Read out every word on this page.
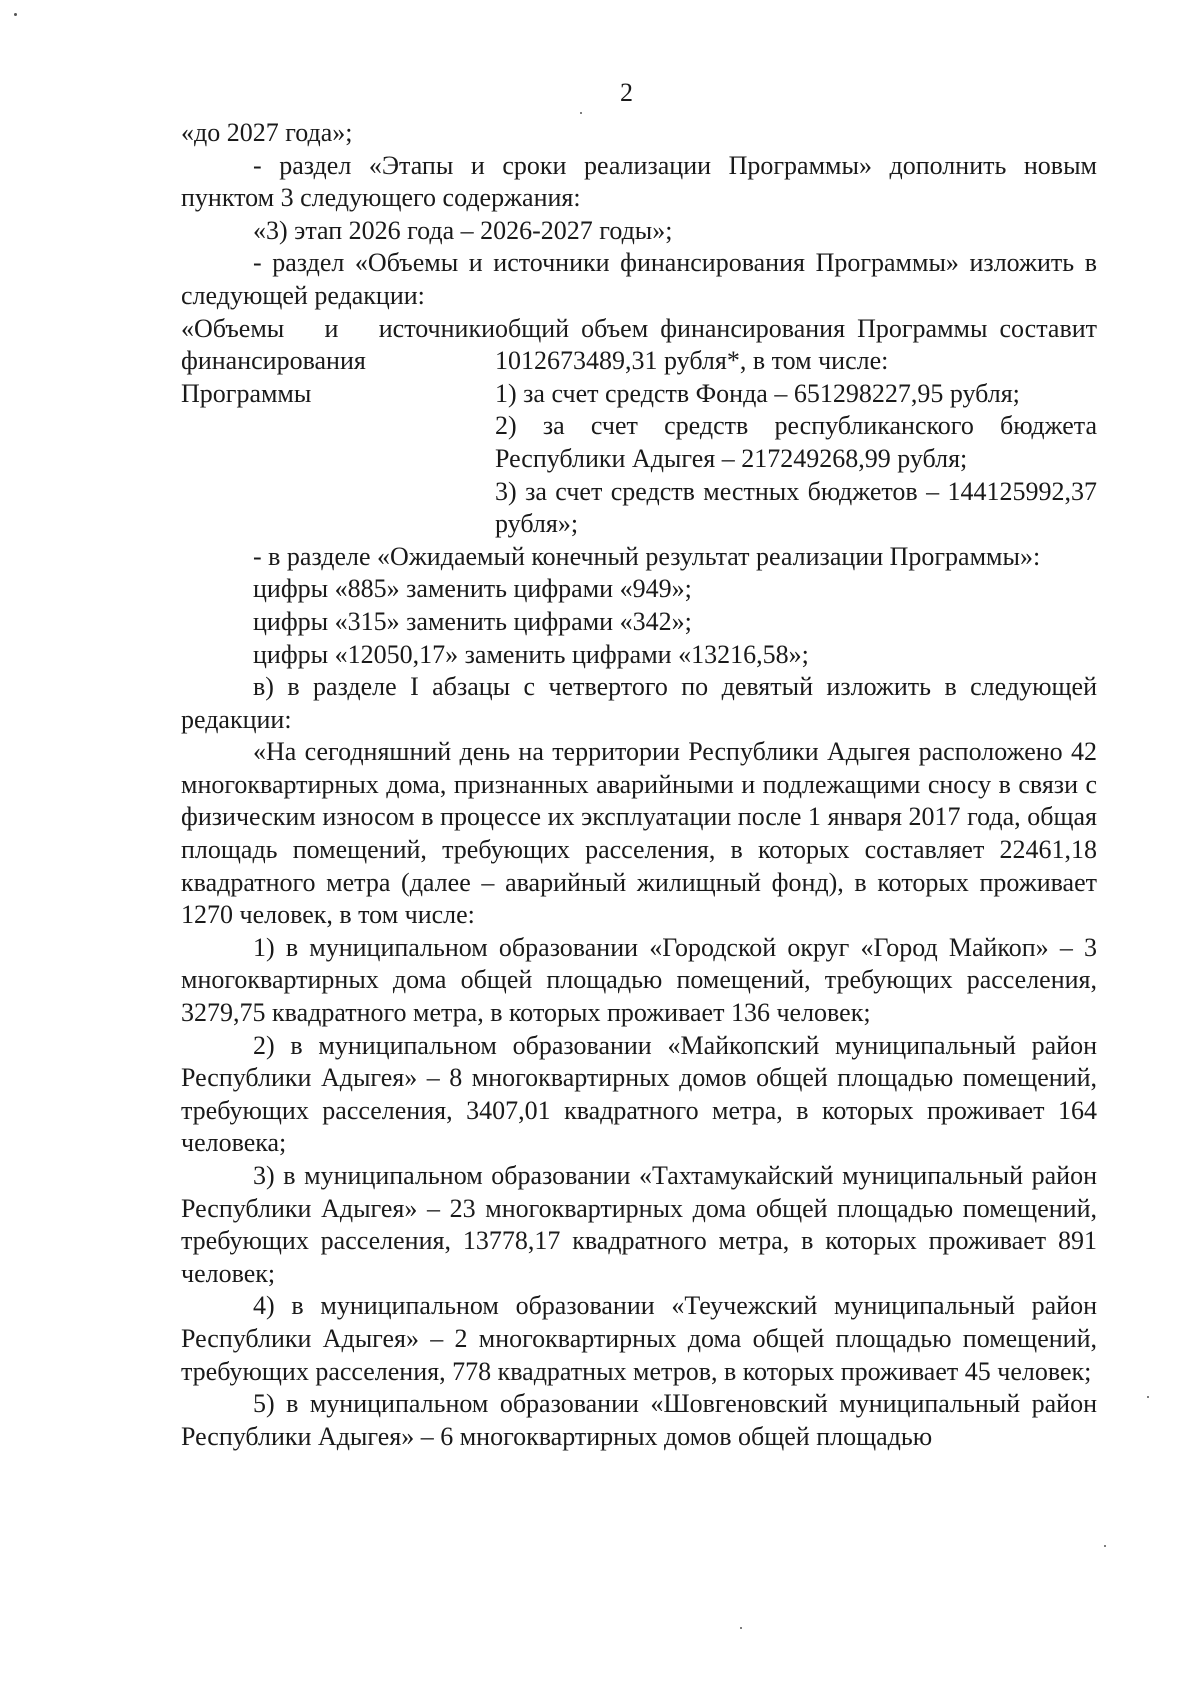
2

«до 2027 года»;

- раздел «Этапы и сроки реализации Программы» дополнить новым пунктом 3 следующего содержания:

«3) этап 2026 года – 2026-2027 годы»;

- раздел «Объемы и источники финансирования Программы» изложить в следующей редакции:

«Объемы и источники
финансирования
Программы

общий объем финансирования Программы составит 1012673489,31 рубля*, в том числе:

1) за счет средств Фонда – 651298227,95 рубля;

2) за счет средств республиканского бюджета Республики Адыгея – 217249268,99 рубля;

3) за счет средств местных бюджетов – 144125992,37 рубля»;

- в разделе «Ожидаемый конечный результат реализации Программы»:

цифры «885» заменить цифрами «949»;

цифры «315» заменить цифрами «342»;

цифры «12050,17» заменить цифрами «13216,58»;

в) в разделе I абзацы с четвертого по девятый изложить в следующей редакции:

«На сегодняшний день на территории Республики Адыгея расположено 42 многоквартирных дома, признанных аварийными и подлежащими сносу в связи с физическим износом в процессе их эксплуатации после 1 января 2017 года, общая площадь помещений, требующих расселения, в которых составляет 22461,18 квадратного метра (далее – аварийный жилищный фонд), в которых проживает 1270 человек, в том числе:

1) в муниципальном образовании «Городской округ «Город Майкоп» – 3 многоквартирных дома общей площадью помещений, требующих расселения, 3279,75 квадратного метра, в которых проживает 136 человек;

2) в муниципальном образовании «Майкопский муниципальный район Республики Адыгея» – 8 многоквартирных домов общей площадью помещений, требующих расселения, 3407,01 квадратного метра, в которых проживает 164 человека;

3) в муниципальном образовании «Тахтамукайский муниципальный район Республики Адыгея» – 23 многоквартирных дома общей площадью помещений, требующих расселения, 13778,17 квадратного метра, в которых проживает 891 человек;

4) в муниципальном образовании «Теучежский муниципальный район Республики Адыгея» – 2 многоквартирных дома общей площадью помещений, требующих расселения, 778 квадратных метров, в которых проживает 45 человек;

5) в муниципальном образовании «Шовгеновский муниципальный район Республики Адыгея» – 6 многоквартирных домов общей площадью
